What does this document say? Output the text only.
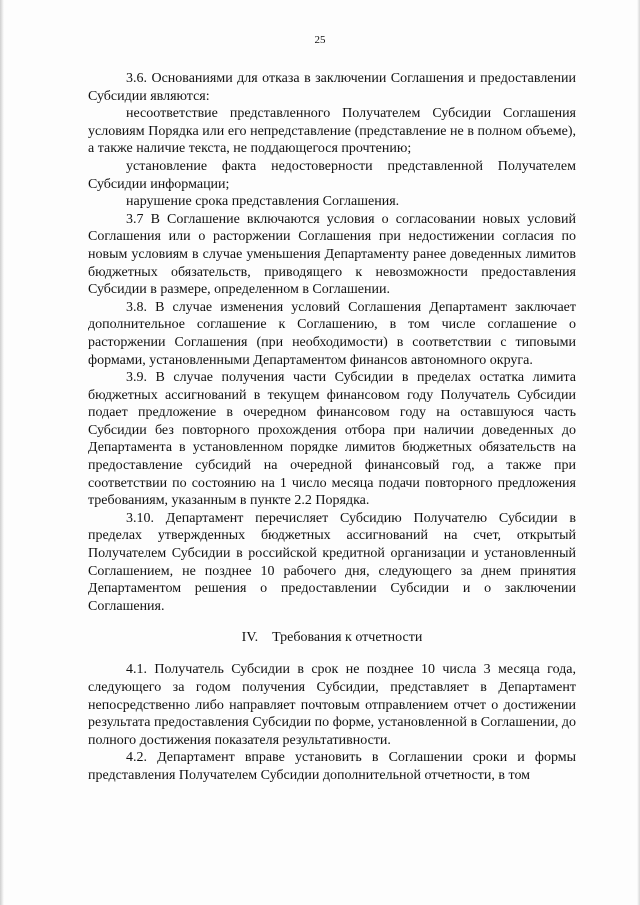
25

3.6. Основаниями для отказа в заключении Соглашения и предоставлении Субсидии являются:

несоответствие представленного Получателем Субсидии Соглашения условиям Порядка или его непредставление (представление не в полном объеме), а также наличие текста, не поддающегося прочтению;

установление факта недостоверности представленной Получателем Субсидии информации;

нарушение срока представления Соглашения.

3.7 В Соглашение включаются условия о согласовании новых условий Соглашения или о расторжении Соглашения при недостижении согласия по новым условиям в случае уменьшения Департаменту ранее доведенных лимитов бюджетных обязательств, приводящего к невозможности предоставления Субсидии в размере, определенном в Соглашении.

3.8. В случае изменения условий Соглашения Департамент заключает дополнительное соглашение к Соглашению, в том числе соглашение о расторжении Соглашения (при необходимости) в соответствии с типовыми формами, установленными Департаментом финансов автономного округа.

3.9. В случае получения части Субсидии в пределах остатка лимита бюджетных ассигнований в текущем финансовом году Получатель Субсидии подает предложение в очередном финансовом году на оставшуюся часть Субсидии без повторного прохождения отбора при наличии доведенных до Департамента в установленном порядке лимитов бюджетных обязательств на предоставление субсидий на очередной финансовый год, а также при соответствии по состоянию на 1 число месяца подачи повторного предложения требованиям, указанным в пункте 2.2 Порядка.

3.10. Департамент перечисляет Субсидию Получателю Субсидии в пределах утвержденных бюджетных ассигнований на счет, открытый Получателем Субсидии в российской кредитной организации и установленный Соглашением, не позднее 10 рабочего дня, следующего за днем принятия Департаментом решения о предоставлении Субсидии и о заключении Соглашения.

IV. Требования к отчетности

4.1. Получатель Субсидии в срок не позднее 10 числа 3 месяца года, следующего за годом получения Субсидии, представляет в Департамент непосредственно либо направляет почтовым отправлением отчет о достижении результата предоставления Субсидии по форме, установленной в Соглашении, до полного достижения показателя результативности.

4.2. Департамент вправе установить в Соглашении сроки и формы представления Получателем Субсидии дополнительной отчетности, в том
